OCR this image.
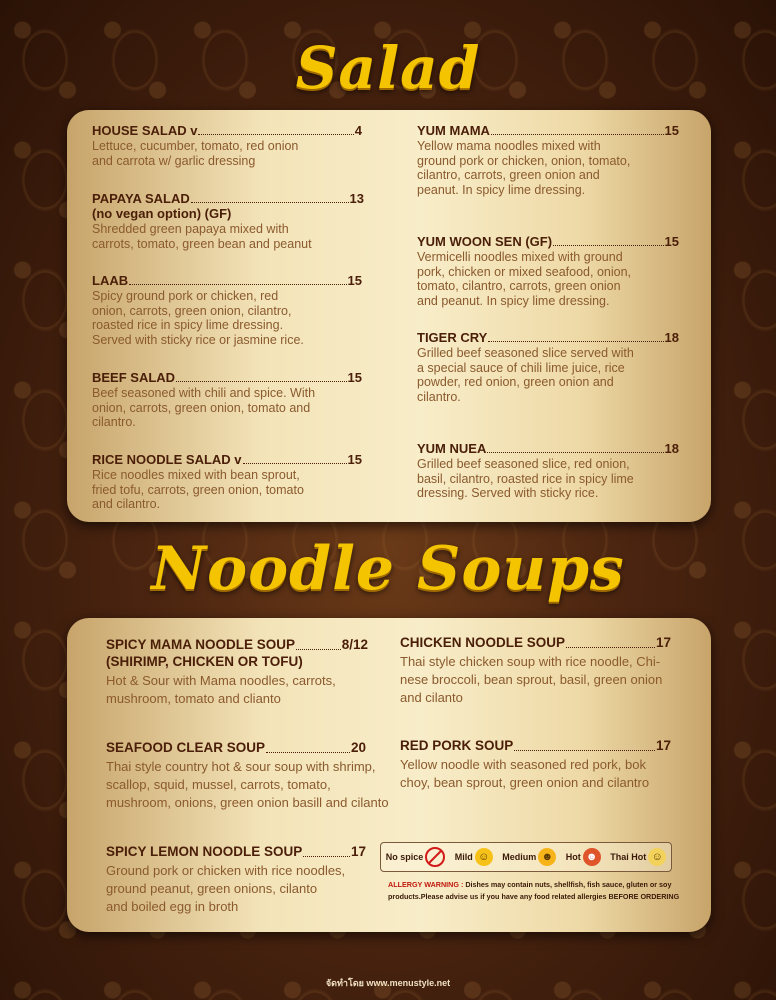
Salad
HOUSE SALAD v	4
Lettuce, cucumber, tomato, red onion
and carrota w/ garlic dressing
PAPAYA SALAD	13
(no vegan option) (GF)
Shredded green papaya mixed with
carrots, tomato, green bean and peanut
LAAB	15
Spicy ground pork or chicken, red
onion, carrots, green onion, cilantro,
roasted rice in spicy lime dressing.
Served with sticky rice or jasmine rice.
BEEF SALAD	15
Beef seasoned with chili and spice. With
onion, carrots, green onion, tomato and
cilantro.
RICE NOODLE SALAD v	15
Rice noodles mixed with bean sprout,
fried tofu, carrots, green onion, tomato
and cilantro.
YUM MAMA	15
Yellow mama noodles mixed with
ground pork or chicken, onion, tomato,
cilantro, carrots, green onion and
peanut. In spicy lime dressing.
YUM WOON SEN (GF)	15
Vermicelli noodles mixed with ground
pork, chicken or mixed seafood, onion,
tomato, cilantro, carrots, green onion
and peanut. In spicy lime dressing.
TIGER CRY	18
Grilled beef seasoned slice served with
a special sauce of chili lime juice, rice
powder, red onion, green onion and
cilantro.
YUM NUEA	18
Grilled beef seasoned slice, red onion,
basil, cilantro, roasted rice in spicy lime
dressing. Served with sticky rice.
Noodle Soups
SPICY MAMA NOODLE SOUP	8/12
(SHIRIMP, CHICKEN OR TOFU)
Hot & Sour with Mama noodles, carrots,
mushroom, tomato and clianto
SEAFOOD CLEAR SOUP	20
Thai style country hot & sour soup with shrimp,
scallop, squid, mussel, carrots, tomato,
mushroom, onions, green onion basill and cilanto
SPICY LEMON NOODLE SOUP	17
Ground pork or chicken with rice noodles,
ground peanut, green onions, cilanto
and boiled egg in broth
CHICKEN NOODLE SOUP	17
Thai style chicken soup with rice noodle, Chi-
nese broccoli, bean sprout, basil, green onion
and cilanto
RED PORK SOUP	17
Yellow noodle with seasoned red pork, bok
choy, bean sprout, green onion and cilantro
No spice	Mild ☺	Medium ☻	Hot ☻	Thai Hot ☺
ALLERGY WARNING : Dishes may contain nuts, shellfish, fish sauce, gluten or soy products.Please advise us if you have any food related allergies BEFORE ORDERING
จัดทำโดย www.menustyle.net
